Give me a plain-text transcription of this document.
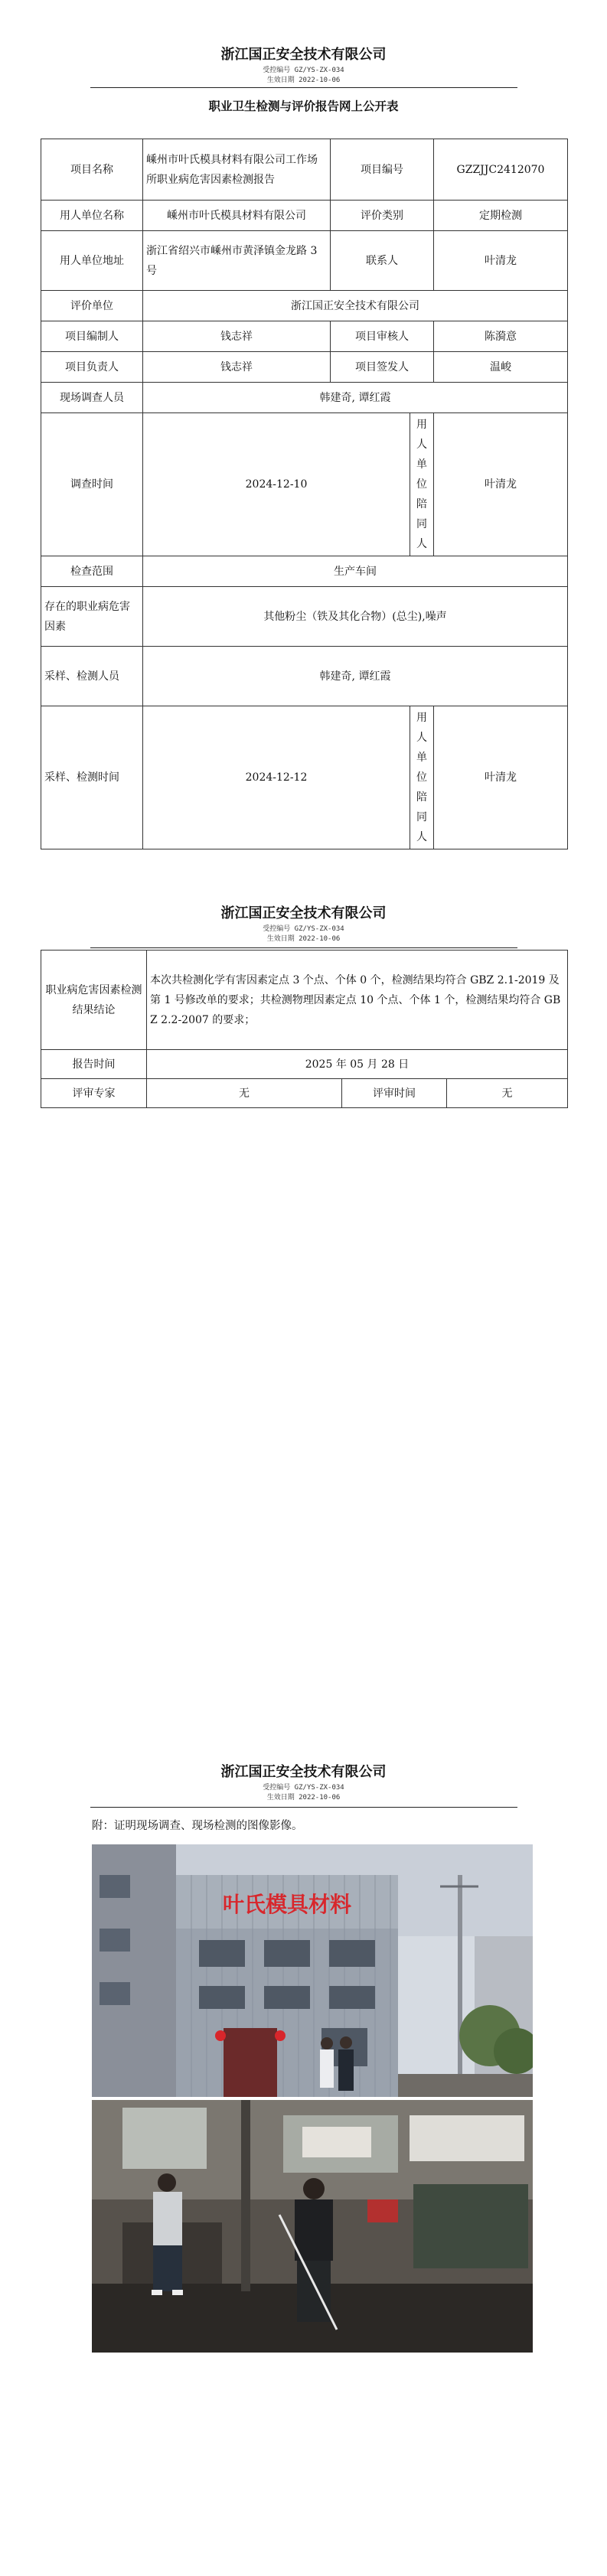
浙江国正安全技术有限公司
受控编号 GZ/YS-ZX-034
生效日期 2022-10-06
职业卫生检测与评价报告网上公开表
项目名称	嵊州市叶氏模具材料有限公司工作场所职业病危害因素检测报告	项目编号		GZZJJC2412070
用人单位名称	嵊州市叶氏模具材料有限公司	评价类别		定期检测
用人单位地址	浙江省绍兴市嵊州市黄泽镇金龙路 3 号	联系人		叶清龙
评价单位	浙江国正安全技术有限公司			
项目编制人	钱志祥	项目审核人		陈漪意
项目负责人	钱志祥	项目签发人		温峻
现场调查人员	韩建奇, 谭红霞			
调查时间	2024-12-10		用人单位陪同人	叶清龙
检查范围	生产车间			
存在的职业病危害因素	其他粉尘（铁及其化合物）(总尘),噪声			
采样、检测人员	韩建奇, 谭红霞			
采样、检测时间	2024-12-12		用人单位陪同人	叶清龙
浙江国正安全技术有限公司
受控编号 GZ/YS-ZX-034
生效日期 2022-10-06
职业病危害因素检测结果结论	本次共检测化学有害因素定点 3 个点、个体 0 个，检测结果均符合 GBZ 2.1-2019 及第 1 号修改单的要求；共检测物理因素定点 10 个点、个体 1 个，检测结果均符合 GBZ 2.2-2007 的要求；		
报告时间	2025 年 05 月 28 日		
评审专家	无	评审时间	无
浙江国正安全技术有限公司
受控编号 GZ/YS-ZX-034
生效日期 2022-10-06
附：证明现场调查、现场检测的图像影像。
叶氏模具材料
